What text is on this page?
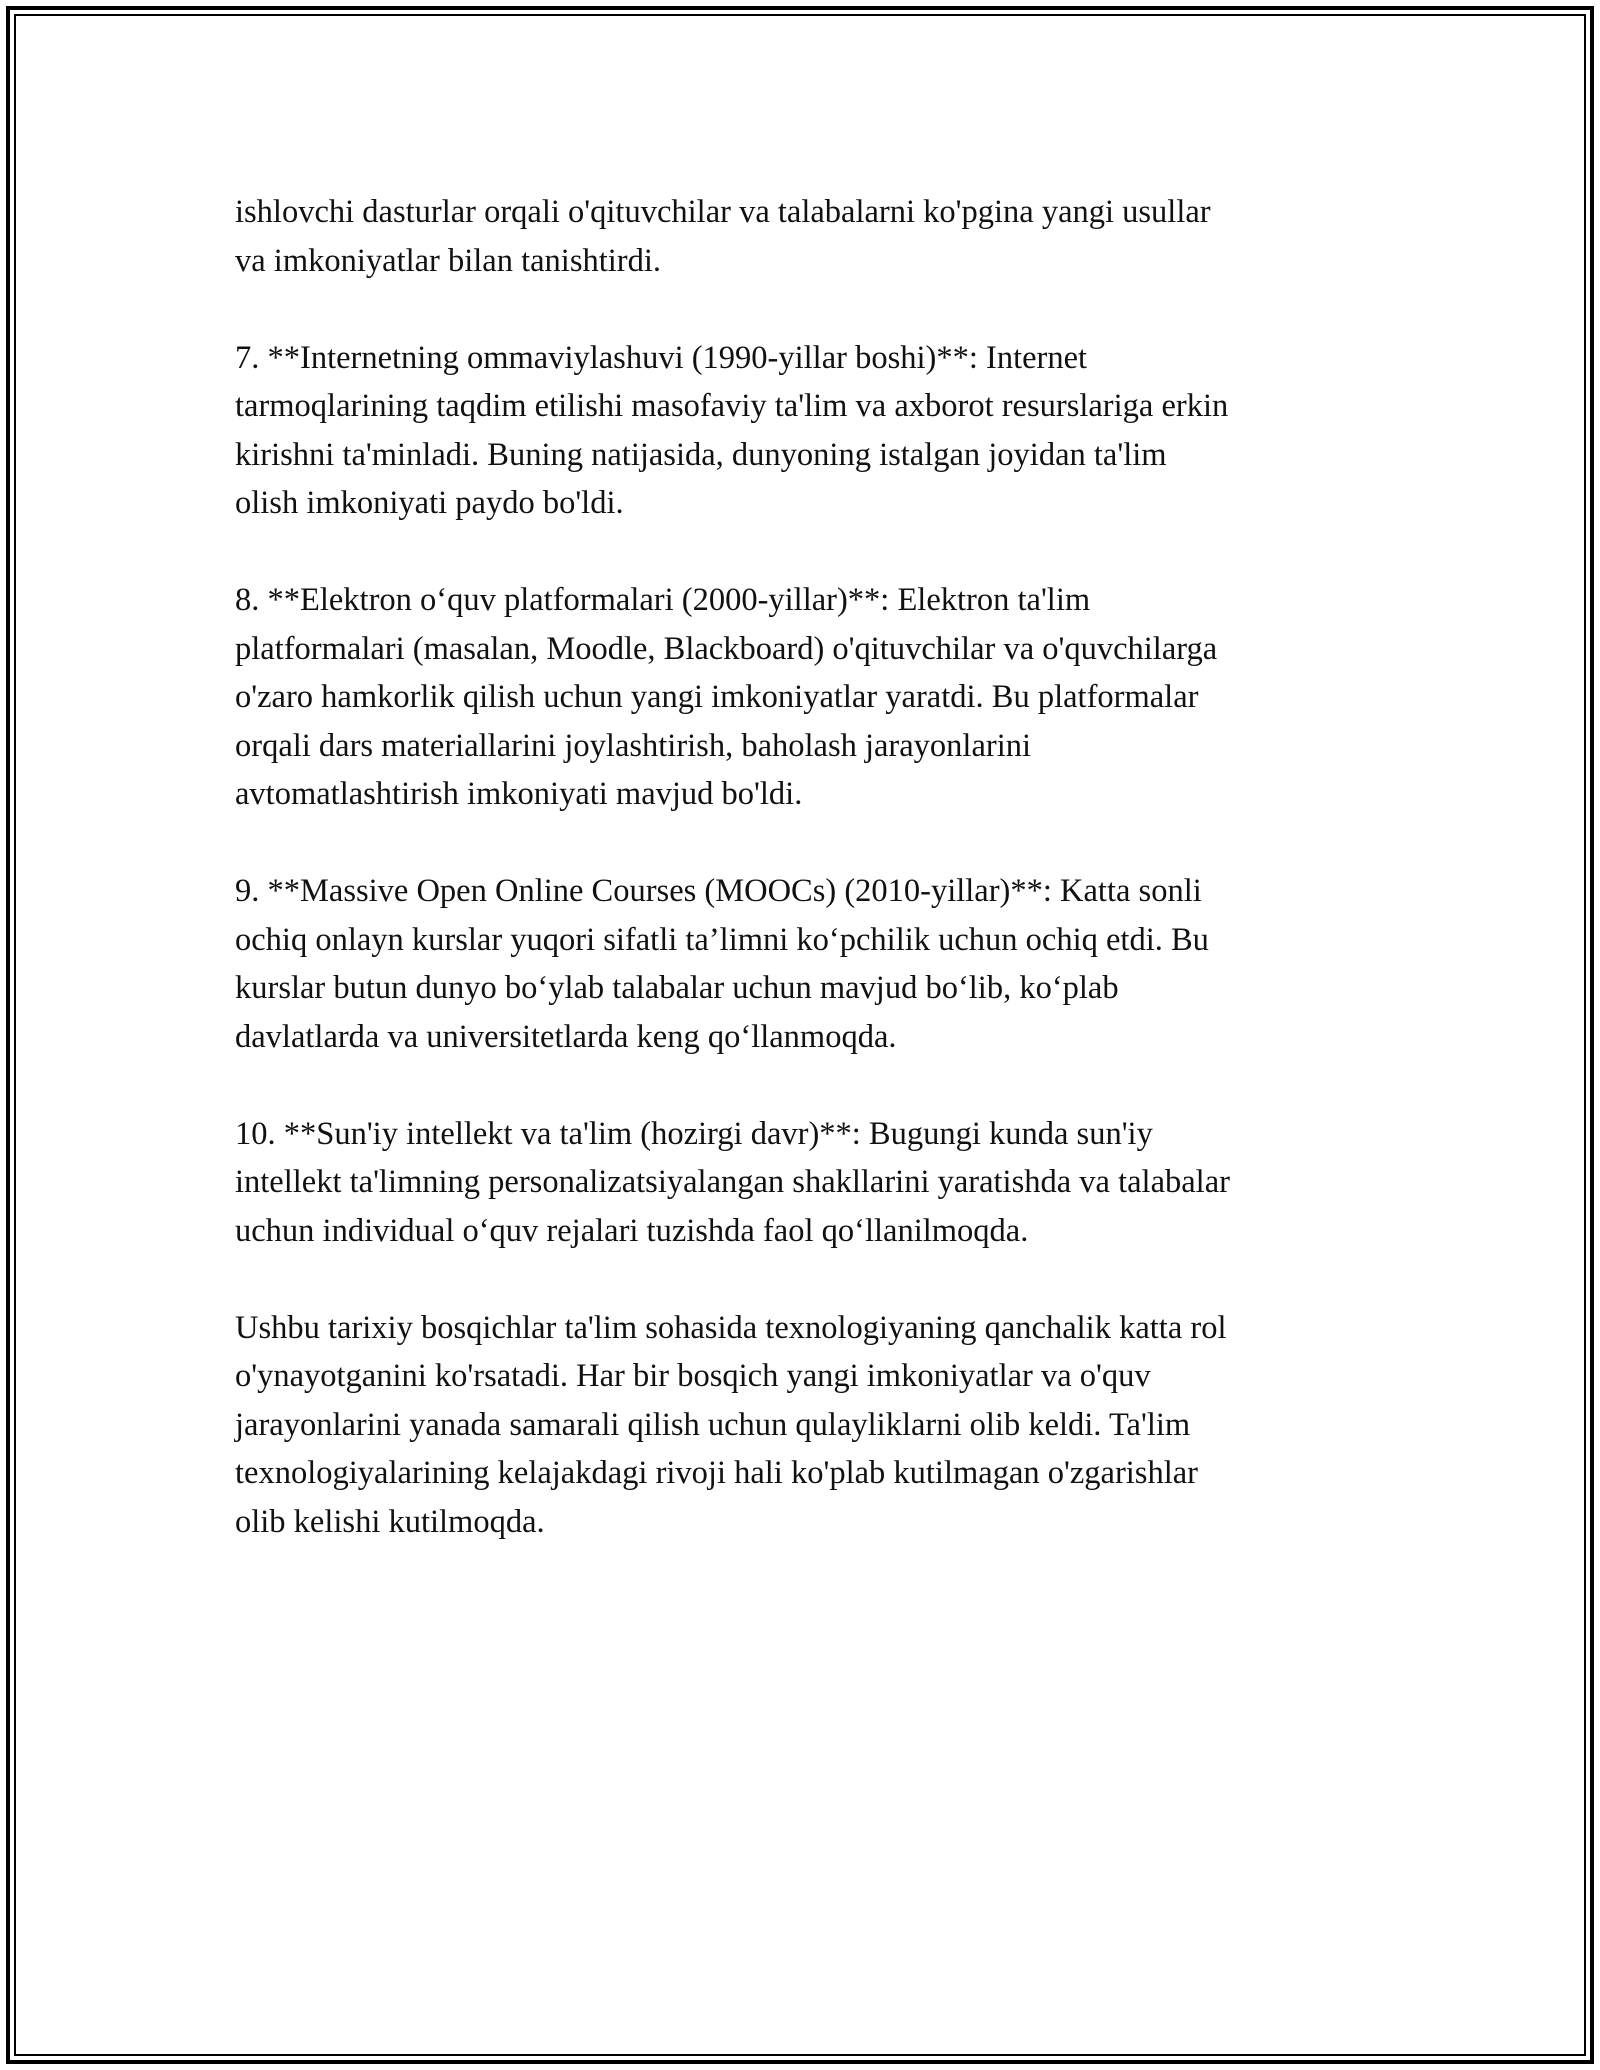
ishlovchi dasturlar orqali o'qituvchilar va talabalarni ko'pgina yangi usullar
va imkoniyatlar bilan tanishtirdi.

7. **Internetning ommaviylashuvi (1990-yillar boshi)**: Internet
tarmoqlarining taqdim etilishi masofaviy ta'lim va axborot resurslariga erkin
kirishni ta'minladi. Buning natijasida, dunyoning istalgan joyidan ta'lim
olish imkoniyati paydo bo'ldi.

8. **Elektron o‘quv platformalari (2000-yillar)**: Elektron ta'lim
platformalari (masalan, Moodle, Blackboard) o'qituvchilar va o'quvchilarga
o'zaro hamkorlik qilish uchun yangi imkoniyatlar yaratdi. Bu platformalar
orqali dars materiallarini joylashtirish, baholash jarayonlarini
avtomatlashtirish imkoniyati mavjud bo'ldi.

9. **Massive Open Online Courses (MOOCs) (2010-yillar)**: Katta sonli
ochiq onlayn kurslar yuqori sifatli ta’limni ko‘pchilik uchun ochiq etdi. Bu
kurslar butun dunyo bo‘ylab talabalar uchun mavjud bo‘lib, ko‘plab
davlatlarda va universitetlarda keng qo‘llanmoqda.

10. **Sun'iy intellekt va ta'lim (hozirgi davr)**: Bugungi kunda sun'iy
intellekt ta'limning personalizatsiyalangan shakllarini yaratishda va talabalar
uchun individual o‘quv rejalari tuzishda faol qo‘llanilmoqda.

Ushbu tarixiy bosqichlar ta'lim sohasida texnologiyaning qanchalik katta rol
o'ynayotganini ko'rsatadi. Har bir bosqich yangi imkoniyatlar va o'quv
jarayonlarini yanada samarali qilish uchun qulayliklarni olib keldi. Ta'lim
texnologiyalarining kelajakdagi rivoji hali ko'plab kutilmagan o'zgarishlar
olib kelishi kutilmoqda.
